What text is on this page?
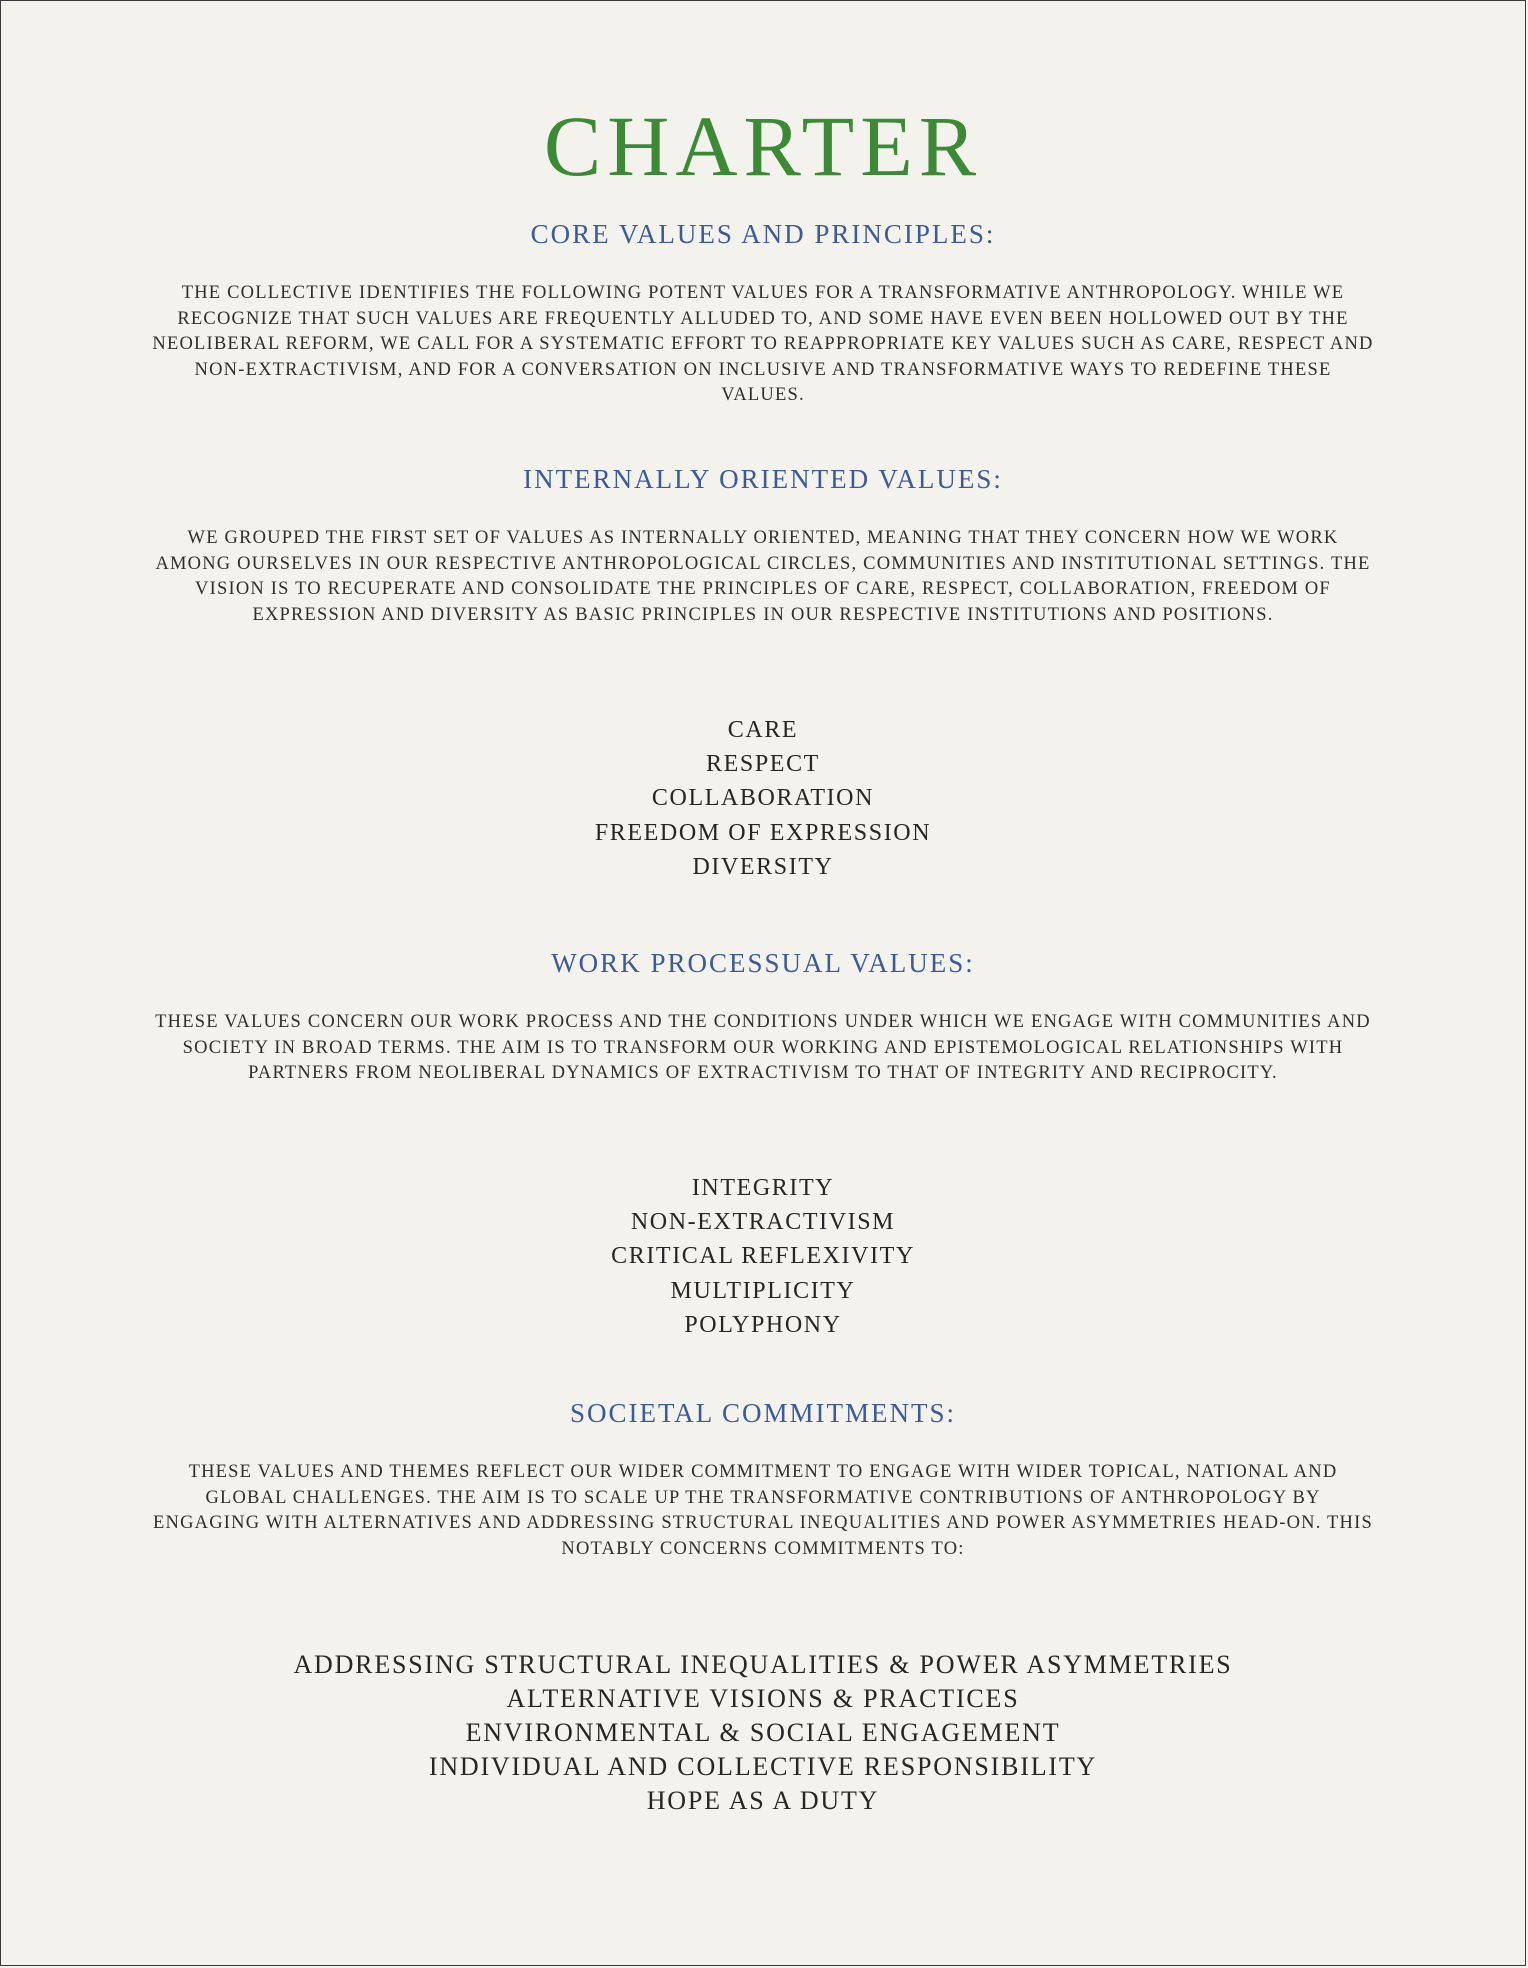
CHARTER
CORE VALUES AND PRINCIPLES:

THE COLLECTIVE IDENTIFIES THE FOLLOWING POTENT VALUES FOR A TRANSFORMATIVE ANTHROPOLOGY. WHILE WE RECOGNIZE THAT SUCH VALUES ARE FREQUENTLY ALLUDED TO, AND SOME HAVE EVEN BEEN HOLLOWED OUT BY THE NEOLIBERAL REFORM, WE CALL FOR A SYSTEMATIC EFFORT TO REAPPROPRIATE KEY VALUES SUCH AS CARE, RESPECT AND NON-EXTRACTIVISM, AND FOR A CONVERSATION ON INCLUSIVE AND TRANSFORMATIVE WAYS TO REDEFINE THESE VALUES.

INTERNALLY ORIENTED VALUES:

WE GROUPED THE FIRST SET OF VALUES AS INTERNALLY ORIENTED, MEANING THAT THEY CONCERN HOW WE WORK AMONG OURSELVES IN OUR RESPECTIVE ANTHROPOLOGICAL CIRCLES, COMMUNITIES AND INSTITUTIONAL SETTINGS. THE VISION IS TO RECUPERATE AND CONSOLIDATE THE PRINCIPLES OF CARE, RESPECT, COLLABORATION, FREEDOM OF EXPRESSION AND DIVERSITY AS BASIC PRINCIPLES IN OUR RESPECTIVE INSTITUTIONS AND POSITIONS.

CARE
RESPECT
COLLABORATION
FREEDOM OF EXPRESSION
DIVERSITY
WORK PROCESSUAL VALUES:

THESE VALUES CONCERN OUR WORK PROCESS AND THE CONDITIONS UNDER WHICH WE ENGAGE WITH COMMUNITIES AND SOCIETY IN BROAD TERMS. THE AIM IS TO TRANSFORM OUR WORKING AND EPISTEMOLOGICAL RELATIONSHIPS WITH PARTNERS FROM NEOLIBERAL DYNAMICS OF EXTRACTIVISM TO THAT OF INTEGRITY AND RECIPROCITY.

INTEGRITY
NON-EXTRACTIVISM
CRITICAL REFLEXIVITY
MULTIPLICITY
POLYPHONY
SOCIETAL COMMITMENTS:

THESE VALUES AND THEMES REFLECT OUR WIDER COMMITMENT TO ENGAGE WITH WIDER TOPICAL, NATIONAL AND GLOBAL CHALLENGES. THE AIM IS TO SCALE UP THE TRANSFORMATIVE CONTRIBUTIONS OF ANTHROPOLOGY BY ENGAGING WITH ALTERNATIVES AND ADDRESSING STRUCTURAL INEQUALITIES AND POWER ASYMMETRIES HEAD-ON. THIS NOTABLY CONCERNS COMMITMENTS TO:

ADDRESSING STRUCTURAL INEQUALITIES & POWER ASYMMETRIES
ALTERNATIVE VISIONS & PRACTICES
ENVIRONMENTAL & SOCIAL ENGAGEMENT
INDIVIDUAL AND COLLECTIVE RESPONSIBILITY
HOPE AS A DUTY
